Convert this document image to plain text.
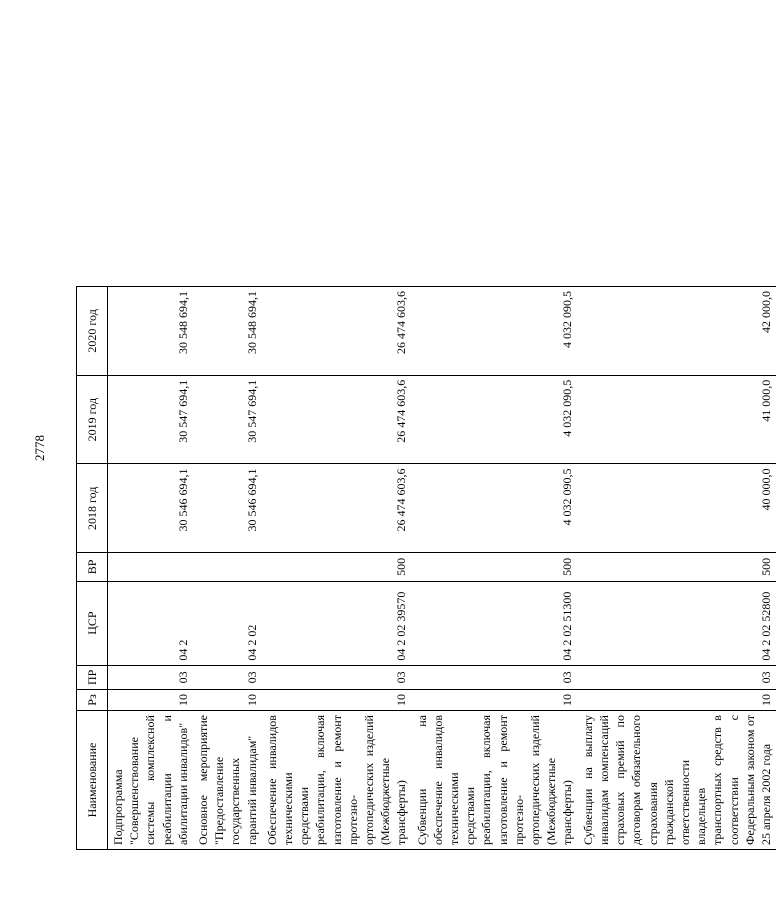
2778
Наименование	Рз	ПР	ЦСР	ВР	2018 год	2019 год	2020 год
Подпрограмма "Совершенствование системы комплексной реабилитации и абилитации инвалидов"	10	03	04 2		30 546 694,1	30 547 694,1	30 548 694,1
Основное мероприятие "Предоставление государственных гарантий инвалидам"	10	03	04 2 02		30 546 694,1	30 547 694,1	30 548 694,1
Обеспечение инвалидов техническими средствами реабилитации, включая изготовление и ремонт протезно-ортопедических изделий (Межбюджетные трансферты)	10	03	04 2 02 39570	500	26 474 603,6	26 474 603,6	26 474 603,6
Субвенции на обеспечение инвалидов техническими средствами реабилитации, включая изготовление и ремонт протезно-ортопедических изделий (Межбюджетные трансферты)	10	03	04 2 02 51300	500	4 032 090,5	4 032 090,5	4 032 090,5
Субвенции на выплату инвалидам компенсаций страховых премий по договорам обязательного страхования гражданской ответственности владельцев транспортных средств в соответствии с Федеральным законом от 25 апреля 2002 года	10	03	04 2 02 52800	500	40 000,0	41 000,0	42 000,0
